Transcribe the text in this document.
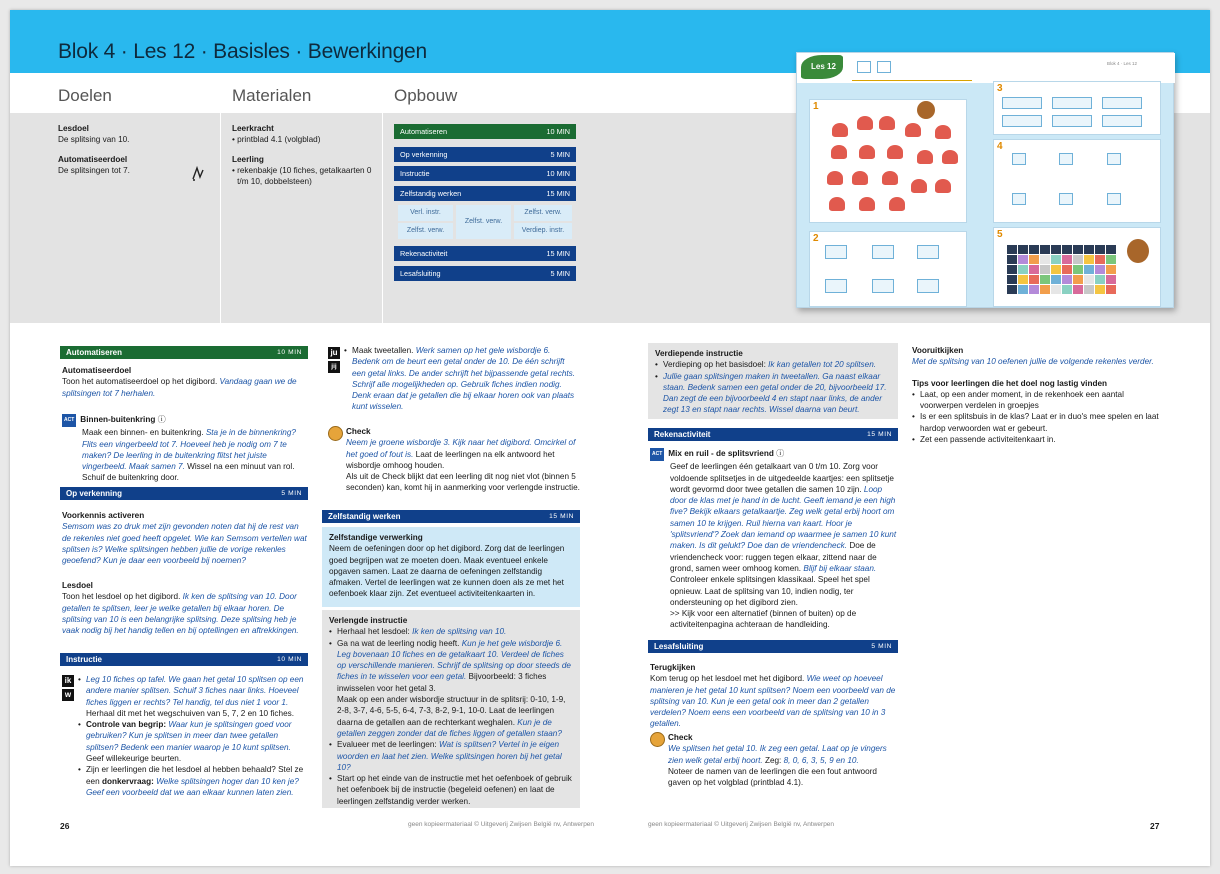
Blok 4 · Les 12 · Basisles · Bewerkingen
Doelen	Materialen	Opbouw
Lesdoel
De splitsing van 10.
Automatiseerdoel
De splitsingen tot 7.
Leerkracht
• printblad 4.1 (volgblad)
Leerling
• rekenbakje (10 fiches, getalkaarten 0 t/m 10, dobbelsteen)
Automatiseren	10 MIN
Op verkenning	5 MIN
Instructie	10 MIN
Zelfstandig werken	15 MIN
Verl. instr.
Zelfst. verw.
Zelfst. verw.
Zelfst. verw.
Verdiep. instr.
Rekenactiviteit	15 MIN
Lesafsluiting	5 MIN
Les 12	Blok 4 · Les 12
1
2
3
4
5
Automatiseren	10 MIN
Automatiseerdoel
Toon het automatiseerdoel op het digibord. Vandaag gaan we de splitsingen tot 7 herhalen.
ACT Binnen-buitenkring ⓘ
Maak een binnen- en buitenkring. Sta je in de binnenkring? Flits een vingerbeeld tot 7. Hoeveel heb je nodig om 7 te maken? De leerling in de buitenkring flitst het juiste vingerbeeld. Maak samen 7. Wissel na een minuut van rol. Schuif de buitenkring door.
Op verkenning	5 MIN
Voorkennis activeren
Semsom was zo druk met zijn gevonden noten dat hij de rest van de rekenles niet goed heeft opgelet. Wie kan Semsom vertellen wat splitsen is? Welke splitsingen hebben jullie de vorige rekenles geoefend? Kun je daar een voorbeeld bij noemen?
Lesdoel
Toon het lesdoel op het digibord. Ik ken de splitsing van 10. Door getallen te splitsen, leer je welke getallen bij elkaar horen. De splitsing van 10 is een belangrijke splitsing. Deze splitsing heb je vaak nodig bij het handig tellen en bij optellingen en aftrekkingen.
Instructie	10 MIN
ik
w
• Leg 10 fiches op tafel. We gaan het getal 10 splitsen op een andere manier splitsen. Schuif 3 fiches naar links. Hoeveel fiches liggen er rechts? Tel handig, tel dus niet 1 voor 1.
Herhaal dit met het wegschuiven van 5, 7, 2 en 10 fiches.
• Controle van begrip: Waar kun je splitsingen goed voor gebruiken? Kun je splitsen in meer dan twee getallen splitsen? Bedenk een manier waarop je 10 kunt splitsen.
Geef willekeurige beurten.
• Zijn er leerlingen die het lesdoel al hebben behaald? Stel ze een donkervraag: Welke splitsingen hoger dan 10 ken je? Geef een voorbeeld dat we aan elkaar kunnen laten zien.
26
ju
jij
• Maak tweetallen. Werk samen op het gele wisbordje 6. Bedenk om de beurt een getal onder de 10. De één schrijft een getal links. De ander schrijft het bijpassende getal rechts. Schrijf alle mogelijkheden op. Gebruik fiches indien nodig. Denk eraan dat je getallen die bij elkaar horen ook van plaats kunt wisselen.
Check
Neem je groene wisbordje 3. Kijk naar het digibord. Omcirkel of het goed of fout is. Laat de leerlingen na elk antwoord het wisbordje omhoog houden.
Als uit de Check blijkt dat een leerling dit nog niet vlot (binnen 5 seconden) kan, komt hij in aanmerking voor verlengde instructie.
Zelfstandig werken	15 MIN
Zelfstandige verwerking
Neem de oefeningen door op het digibord. Zorg dat de leerlingen goed begrijpen wat ze moeten doen. Maak eventueel enkele opgaven samen. Laat ze daarna de oefeningen zelfstandig afmaken. Vertel de leerlingen wat ze kunnen doen als ze met het oefenboek klaar zijn. Zet eventueel activiteitenkaarten in.
Verlengde instructie
• Herhaal het lesdoel: Ik ken de splitsing van 10.
• Ga na wat de leerling nodig heeft. Kun je het gele wisbordje 6. Leg bovenaan 10 fiches en de getalkaart 10. Verdeel de fiches op verschillende manieren. Schrijf de splitsing op door steeds de fiches in te wisselen voor een getal. Bijvoorbeeld: 3 fiches inwisselen voor het getal 3.
Maak op een ander wisbordje structuur in de splitsrij: 0-10, 1-9, 2-8, 3-7, 4-6, 5-5, 6-4, 7-3, 8-2, 9-1, 10-0. Laat de leerlingen daarna de getallen aan de rechterkant weghalen. Kun je de getallen zeggen zonder dat de fiches liggen of getallen staan?
• Evalueer met de leerlingen: Wat is splitsen? Vertel in je eigen woorden en laat het zien. Welke splitsingen horen bij het getal 10?
• Start op het einde van de instructie met het oefenboek of gebruik het oefenboek bij de instructie (begeleid oefenen) en laat de leerlingen zelfstandig verder werken.
geen kopieermateriaal © Uitgeverij Zwijsen België nv, Antwerpen
Verdiepende instructie
• Verdieping op het basisdoel: Ik kan getallen tot 20 splitsen.
• Jullie gaan splitsingen maken in tweetallen. Ga naast elkaar staan. Bedenk samen een getal onder de 20, bijvoorbeeld 17. Dan zegt de een bijvoorbeeld 4 en stapt naar links, de ander zegt 13 en stapt naar rechts. Wissel daarna van beurt.
Rekenactiviteit	15 MIN
ACT Mix en ruil - de splitsvriend ⓘ
Geef de leerlingen één getalkaart van 0 t/m 10. Zorg voor voldoende splitsetjes in de uitgedeelde kaartjes: een splitsetje wordt gevormd door twee getallen die samen 10 zijn. Loop door de klas met je hand in de lucht. Geeft iemand je een high five? Bekijk elkaars getalkaartje. Zeg welk getal erbij hoort om samen 10 te krijgen. Ruil hierna van kaart. Hoor je 'splitsvriend'? Zoek dan iemand op waarmee je samen 10 kunt maken. Is dit gelukt? Doe dan de vriendencheck. Doe de vriendencheck voor: ruggen tegen elkaar, zittend naar de grond, samen weer omhoog komen. Blijf bij elkaar staan. Controleer enkele splitsingen klassikaal. Speel het spel opnieuw. Laat de splitsing van 10, indien nodig, ter ondersteuning op het digibord zien.
>> Kijk voor een alternatief (binnen of buiten) op de activiteitenpagina achteraan de handleiding.
Lesafsluiting	5 MIN
Terugkijken
Kom terug op het lesdoel met het digibord. Wie weet op hoeveel manieren je het getal 10 kunt splitsen? Noem een voorbeeld van de splitsing van 10. Kun je een getal ook in meer dan 2 getallen verdelen? Noem eens een voorbeeld van de splitsing van 10 in 3 getallen.
Check
We splitsen het getal 10. Ik zeg een getal. Laat op je vingers zien welk getal erbij hoort. Zeg: 8, 0, 6, 3, 5, 9 en 10.
Noteer de namen van de leerlingen die een fout antwoord gaven op het volgblad (printblad 4.1).
geen kopieermateriaal © Uitgeverij Zwijsen België nv, Antwerpen
Vooruitkijken
Met de splitsing van 10 oefenen jullie de volgende rekenles verder.
Tips voor leerlingen die het doel nog lastig vinden
• Laat, op een ander moment, in de rekenhoek een aantal voorwerpen verdelen in groepjes
• Is er een splitsbuis in de klas? Laat er in duo's mee spelen en laat hardop verwoorden wat er gebeurt.
• Zet een passende activiteitenkaart in.
27
